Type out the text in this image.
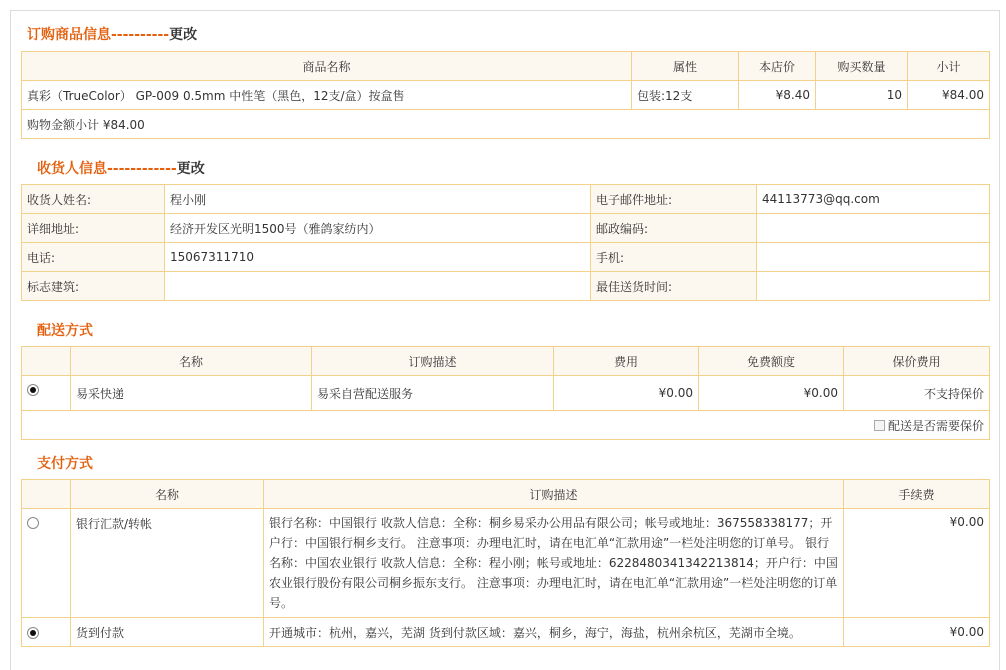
订购商品信息----------更改
商品名称	属性	本店价	购买数量	小计
真彩（TrueColor） GP-009 0.5mm 中性笔（黑色，12支/盒）按盒售	包装:12支	¥8.40	10	¥84.00
购物金额小计 ¥84.00				
收货人信息------------更改
收货人姓名:	程小刚	电子邮件地址:	44113773@qq.com
详细地址:	经济开发区光明1500号（雅鸽家纺内）	邮政编码:	
电话:	15067311710	手机:	
标志建筑:		最佳送货时间:	
配送方式
	名称	订购描述	费用	免费额度	保价费用
	易采快递	易采自营配送服务	¥0.00	¥0.00	不支持保价
配送是否需要保价					
支付方式
	名称	订购描述	手续费
	银行汇款/转帐	银行名称：中国银行 收款人信息：全称：桐乡易采办公用品有限公司；帐号或地址：367558338177；开户行：中国银行桐乡支行。 注意事项：办理电汇时，请在电汇单“汇款用途”一栏处注明您的订单号。 银行名称：中国农业银行 收款人信息：全称：程小刚；帐号或地址：6228480341342213814；开户行：中国农业银行股份有限公司桐乡振东支行。 注意事项：办理电汇时，请在电汇单“汇款用途”一栏处注明您的订单号。	¥0.00
	货到付款	开通城市：杭州，嘉兴，芜湖 货到付款区域：嘉兴，桐乡，海宁，海盐，杭州余杭区，芜湖市全境。	¥0.00
